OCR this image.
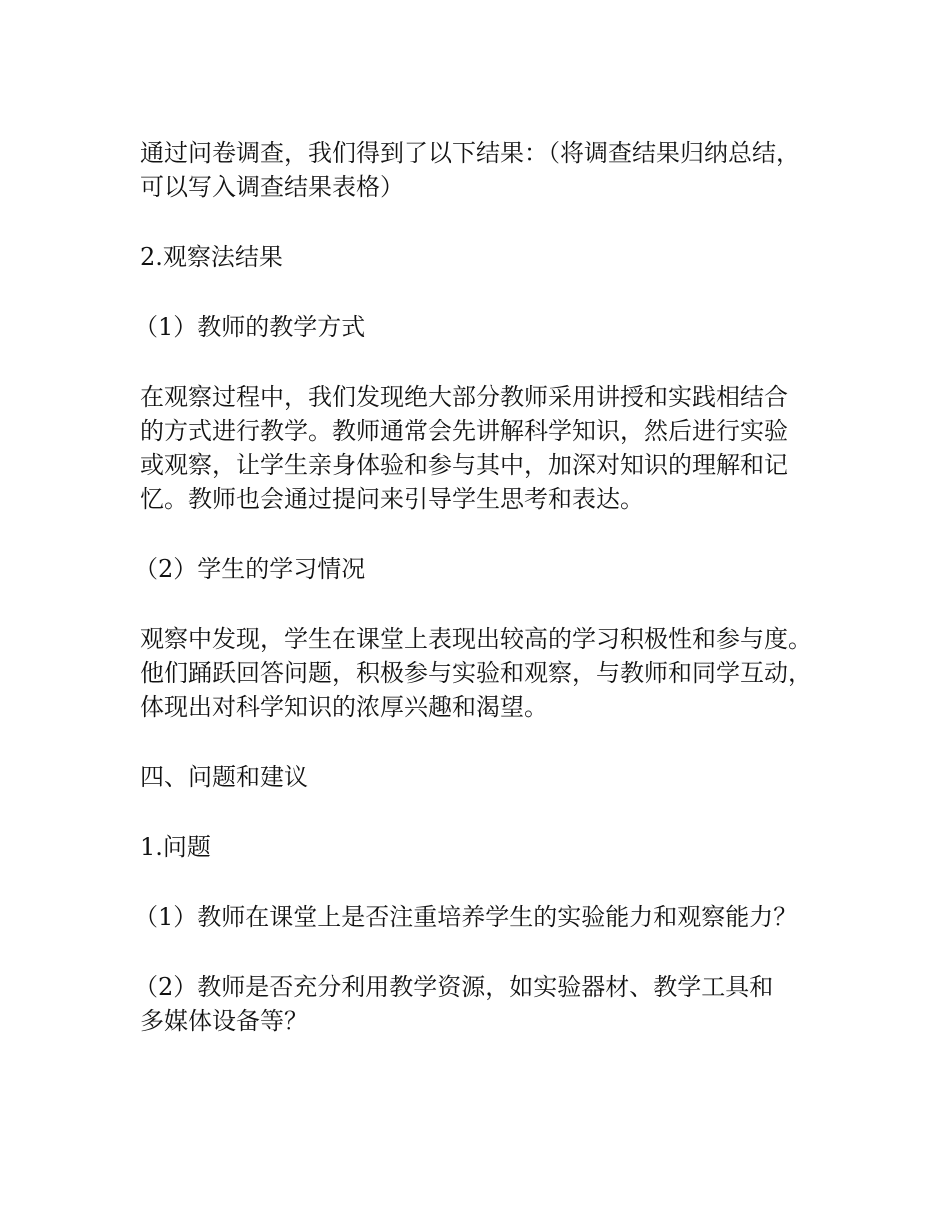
通过问卷调查，我们得到了以下结果：（将调查结果归纳总结，
可以写入调查结果表格）

2.观察法结果

（1）教师的教学方式

在观察过程中，我们发现绝大部分教师采用讲授和实践相结合
的方式进行教学。教师通常会先讲解科学知识，然后进行实验
或观察，让学生亲身体验和参与其中，加深对知识的理解和记
忆。教师也会通过提问来引导学生思考和表达。

（2）学生的学习情况

观察中发现，学生在课堂上表现出较高的学习积极性和参与度。
他们踊跃回答问题，积极参与实验和观察，与教师和同学互动，
体现出对科学知识的浓厚兴趣和渴望。

四、问题和建议

1.问题

（1）教师在课堂上是否注重培养学生的实验能力和观察能力？

（2）教师是否充分利用教学资源，如实验器材、教学工具和
多媒体设备等？
